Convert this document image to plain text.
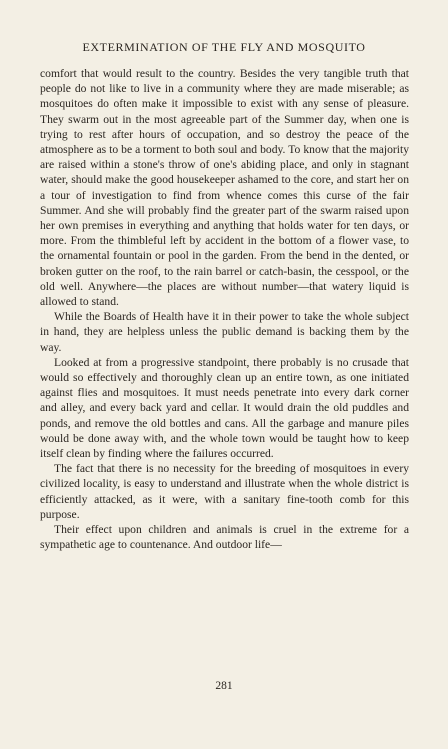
EXTERMINATION OF THE FLY AND MOSQUITO

comfort that would result to the country. Besides the very tangible truth that people do not like to live in a community where they are made miserable; as mosquitoes do often make it impossible to exist with any sense of pleasure. They swarm out in the most agreeable part of the Summer day, when one is trying to rest after hours of occupation, and so destroy the peace of the atmosphere as to be a torment to both soul and body. To know that the majority are raised within a stone's throw of one's abiding place, and only in stagnant water, should make the good housekeeper ashamed to the core, and start her on a tour of investigation to find from whence comes this curse of the fair Summer. And she will probably find the greater part of the swarm raised upon her own premises in everything and anything that holds water for ten days, or more. From the thimbleful left by accident in the bottom of a flower vase, to the ornamental fountain or pool in the garden. From the bend in the dented, or broken gutter on the roof, to the rain barrel or catch-basin, the cesspool, or the old well. Anywhere—the places are without number—that watery liquid is allowed to stand.

While the Boards of Health have it in their power to take the whole subject in hand, they are helpless unless the public demand is backing them by the way.

Looked at from a progressive standpoint, there probably is no crusade that would so effectively and thoroughly clean up an entire town, as one initiated against flies and mosquitoes. It must needs penetrate into every dark corner and alley, and every back yard and cellar. It would drain the old puddles and ponds, and remove the old bottles and cans. All the garbage and manure piles would be done away with, and the whole town would be taught how to keep itself clean by finding where the failures occurred.

The fact that there is no necessity for the breeding of mosquitoes in every civilized locality, is easy to understand and illustrate when the whole district is efficiently attacked, as it were, with a sanitary fine-tooth comb for this purpose.

Their effect upon children and animals is cruel in the extreme for a sympathetic age to countenance. And outdoor life—

281
